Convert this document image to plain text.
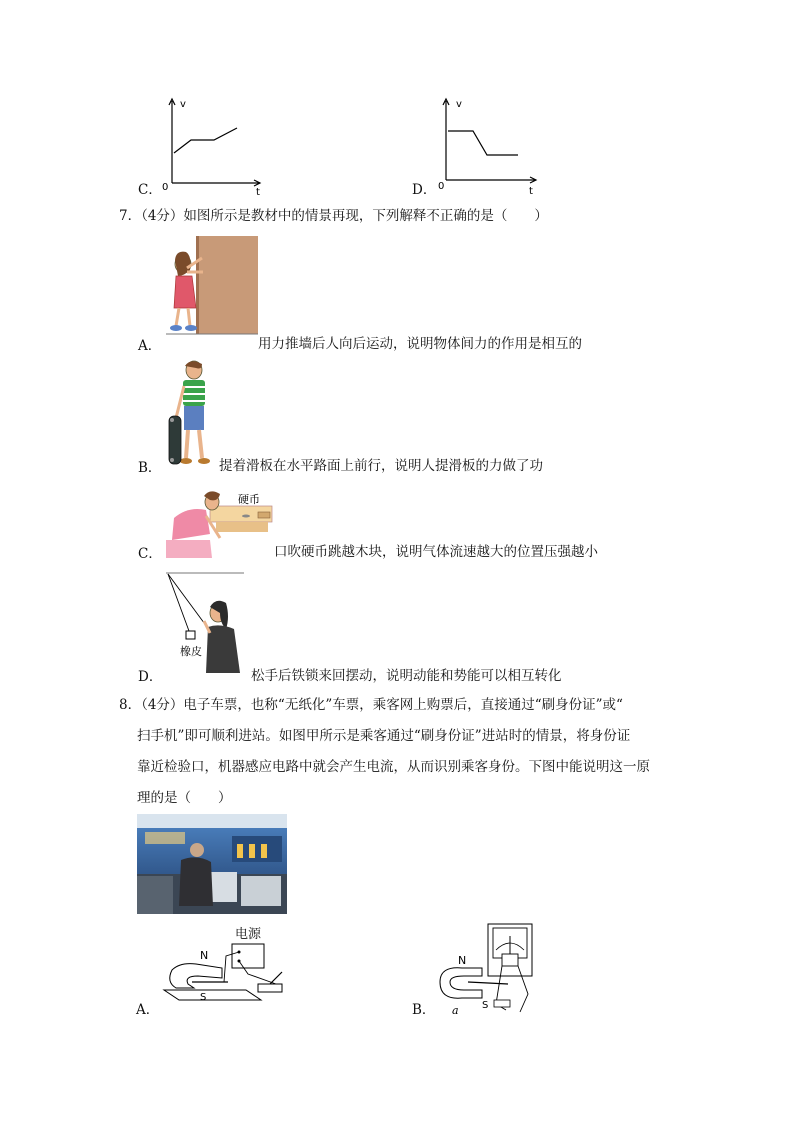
C．
v
t
0	D．
v
t
0
7．（4分）如图所示是教材中的情景再现，下列解释不正确的是（　　）
A．	用力推墙后人向后运动，说明物体间力的作用是相互的
B．	提着滑板在水平路面上前行，说明人提滑板的力做了功
硬币
C．	口吹硬币跳越木块，说明气体流速越大的位置压强越小
橡皮
D．	松手后铁锁来回摆动，说明动能和势能可以相互转化
8．（4分）电子车票，也称“无纸化”车票，乘客网上购票后，直接通过“刷身份证”或“
扫手机”即可顺利进站。如图甲所示是乘客通过“刷身份证”进站时的情景，将身份证
靠近检验口，机器感应电路中就会产生电流，从而识别乘客身份。下图中能说明这一原
理的是（　　）
A．
电源
N
S
B．
N
S
a
